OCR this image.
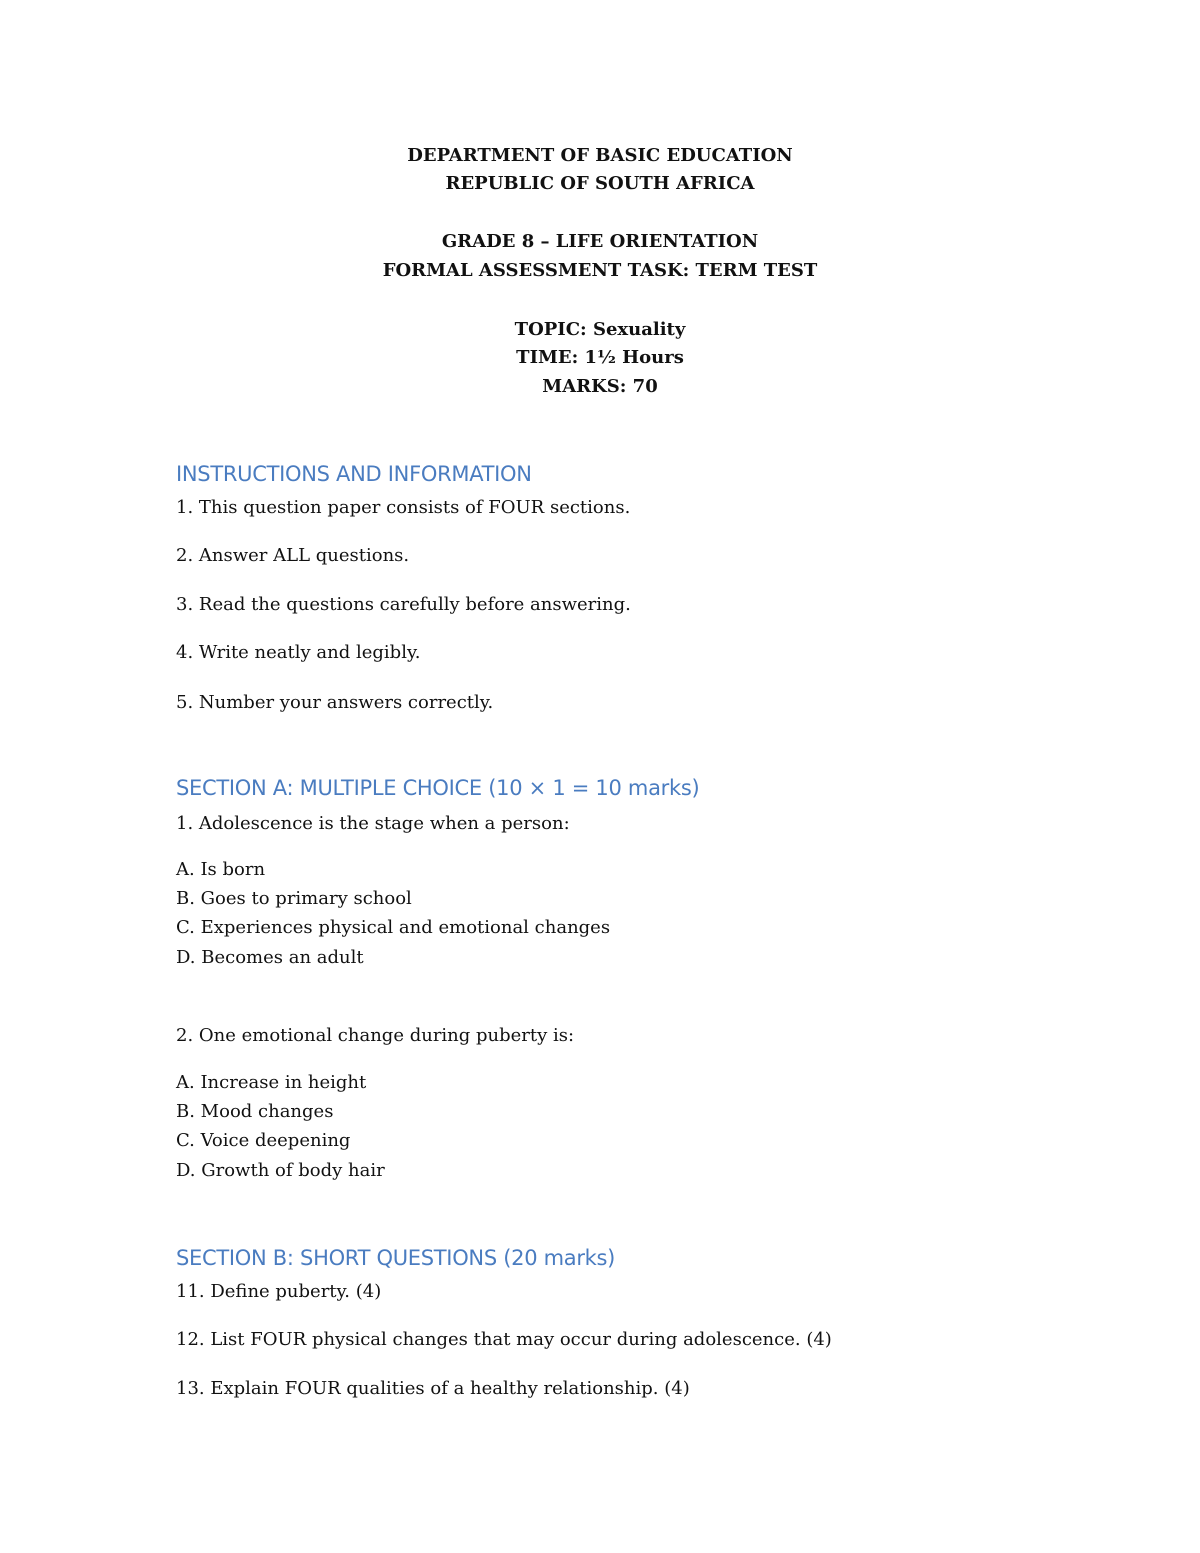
DEPARTMENT OF BASIC EDUCATION
REPUBLIC OF SOUTH AFRICA
GRADE 8 – LIFE ORIENTATION
FORMAL ASSESSMENT TASK: TERM TEST
TOPIC: Sexuality
TIME: 1½ Hours
MARKS: 70
INSTRUCTIONS AND INFORMATION
1. This question paper consists of FOUR sections.
2. Answer ALL questions.
3. Read the questions carefully before answering.
4. Write neatly and legibly.
5. Number your answers correctly.
SECTION A: MULTIPLE CHOICE (10 × 1 = 10 marks)
1. Adolescence is the stage when a person:
A. Is born
B. Goes to primary school
C. Experiences physical and emotional changes
D. Becomes an adult
2. One emotional change during puberty is:
A. Increase in height
B. Mood changes
C. Voice deepening
D. Growth of body hair
SECTION B: SHORT QUESTIONS (20 marks)
11. Define puberty. (4)
12. List FOUR physical changes that may occur during adolescence. (4)
13. Explain FOUR qualities of a healthy relationship. (4)
